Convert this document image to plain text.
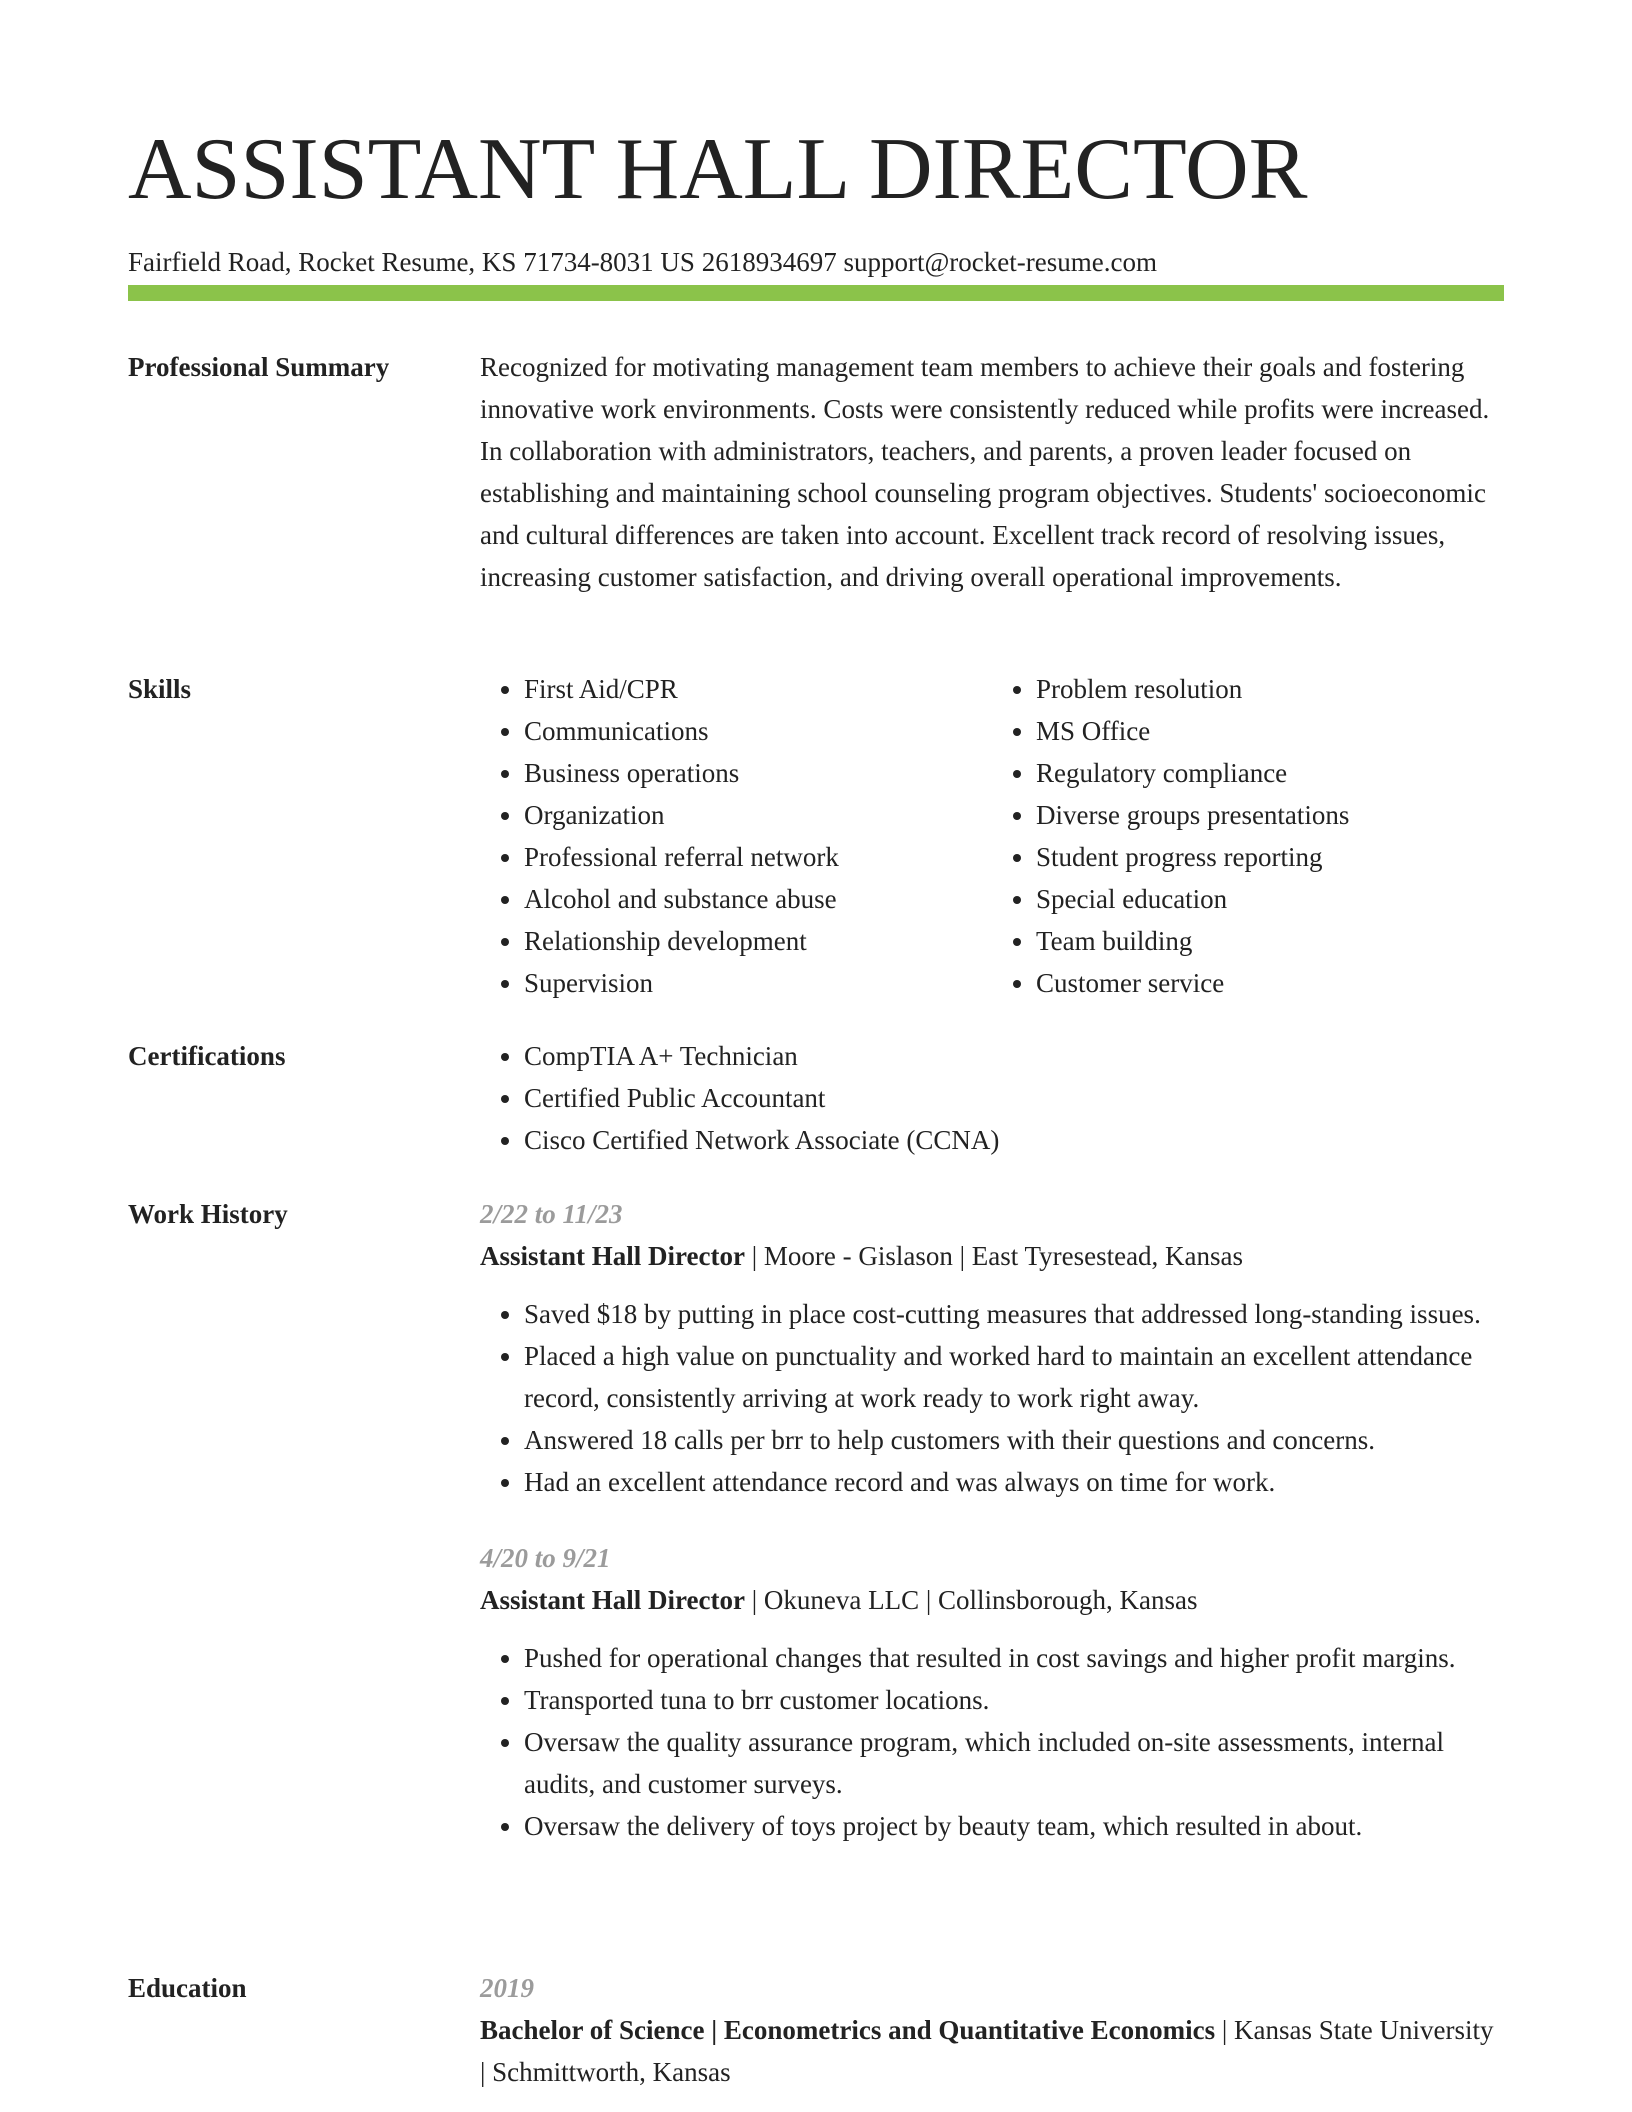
ASSISTANT HALL DIRECTOR
Fairfield Road, Rocket Resume, KS 71734-8031 US 2618934697 support@rocket-resume.com
Professional Summary	Recognized for motivating management team members to achieve their goals and fostering innovative work environments. Costs were consistently reduced while profits were increased. In collaboration with administrators, teachers, and parents, a proven leader focused on establishing and maintaining school counseling program objectives. Students' socioeconomic and cultural differences are taken into account. Excellent track record of resolving issues, increasing customer satisfaction, and driving overall operational improvements.

Skills	• First Aid/CPR
• Communications
• Business operations
• Organization
• Professional referral network
• Alcohol and substance abuse
• Relationship development
• Supervision
• Problem resolution
• MS Office
• Regulatory compliance
• Diverse groups presentations
• Student progress reporting
• Special education
• Team building
• Customer service
Certifications	• CompTIA A+ Technician
• Certified Public Accountant
• Cisco Certified Network Associate (CCNA)
Work History	2/22 to 11/23
Assistant Hall Director | Moore - Gislason | East Tyresestead, Kansas
• Saved $18 by putting in place cost-cutting measures that addressed long-standing issues.
• Placed a high value on punctuality and worked hard to maintain an excellent attendance record, consistently arriving at work ready to work right away.
• Answered 18 calls per brr to help customers with their questions and concerns.
• Had an excellent attendance record and was always on time for work.
4/20 to 9/21
Assistant Hall Director | Okuneva LLC | Collinsborough, Kansas
• Pushed for operational changes that resulted in cost savings and higher profit margins.
• Transported tuna to brr customer locations.
• Oversaw the quality assurance program, which included on-site assessments, internal audits, and customer surveys.
• Oversaw the delivery of toys project by beauty team, which resulted in about.
Education	2019
Bachelor of Science | Econometrics and Quantitative Economics | Kansas State University | Schmittworth, Kansas
